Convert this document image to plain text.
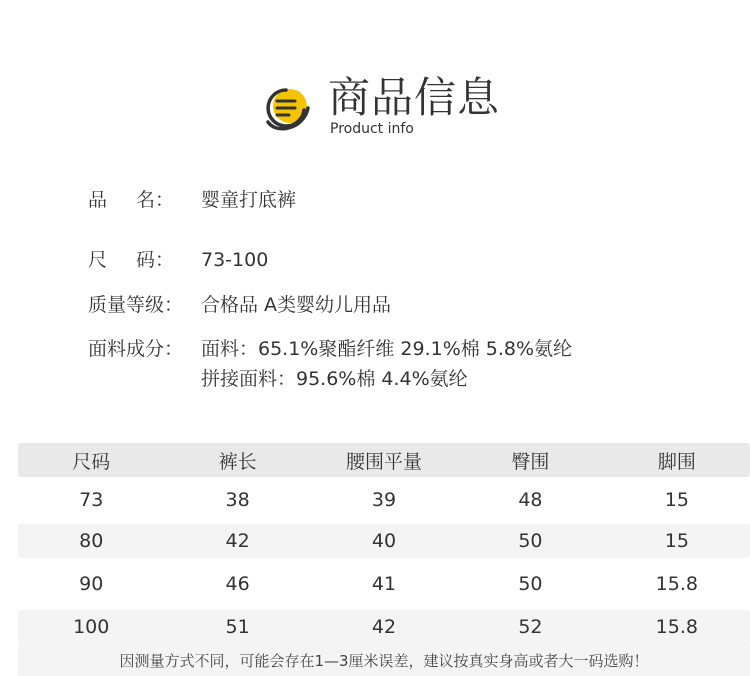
商品信息
Product info
品 名： 婴童打底裤
尺 码： 73-100
质量等级： 合格品 A类婴幼儿用品
面料成分： 面料：65.1%聚酯纤维 29.1%棉 5.8%氨纶
拼接面料：95.6%棉 4.4%氨纶
尺码	裤长	腰围平量	臀围	脚围
73	38	39	48	15
80	42	40	50	15
90	46	41	50	15.8
100	51	42	52	15.8
因测量方式不同，可能会存在1—3厘米误差，建议按真实身高或者大一码选购！
